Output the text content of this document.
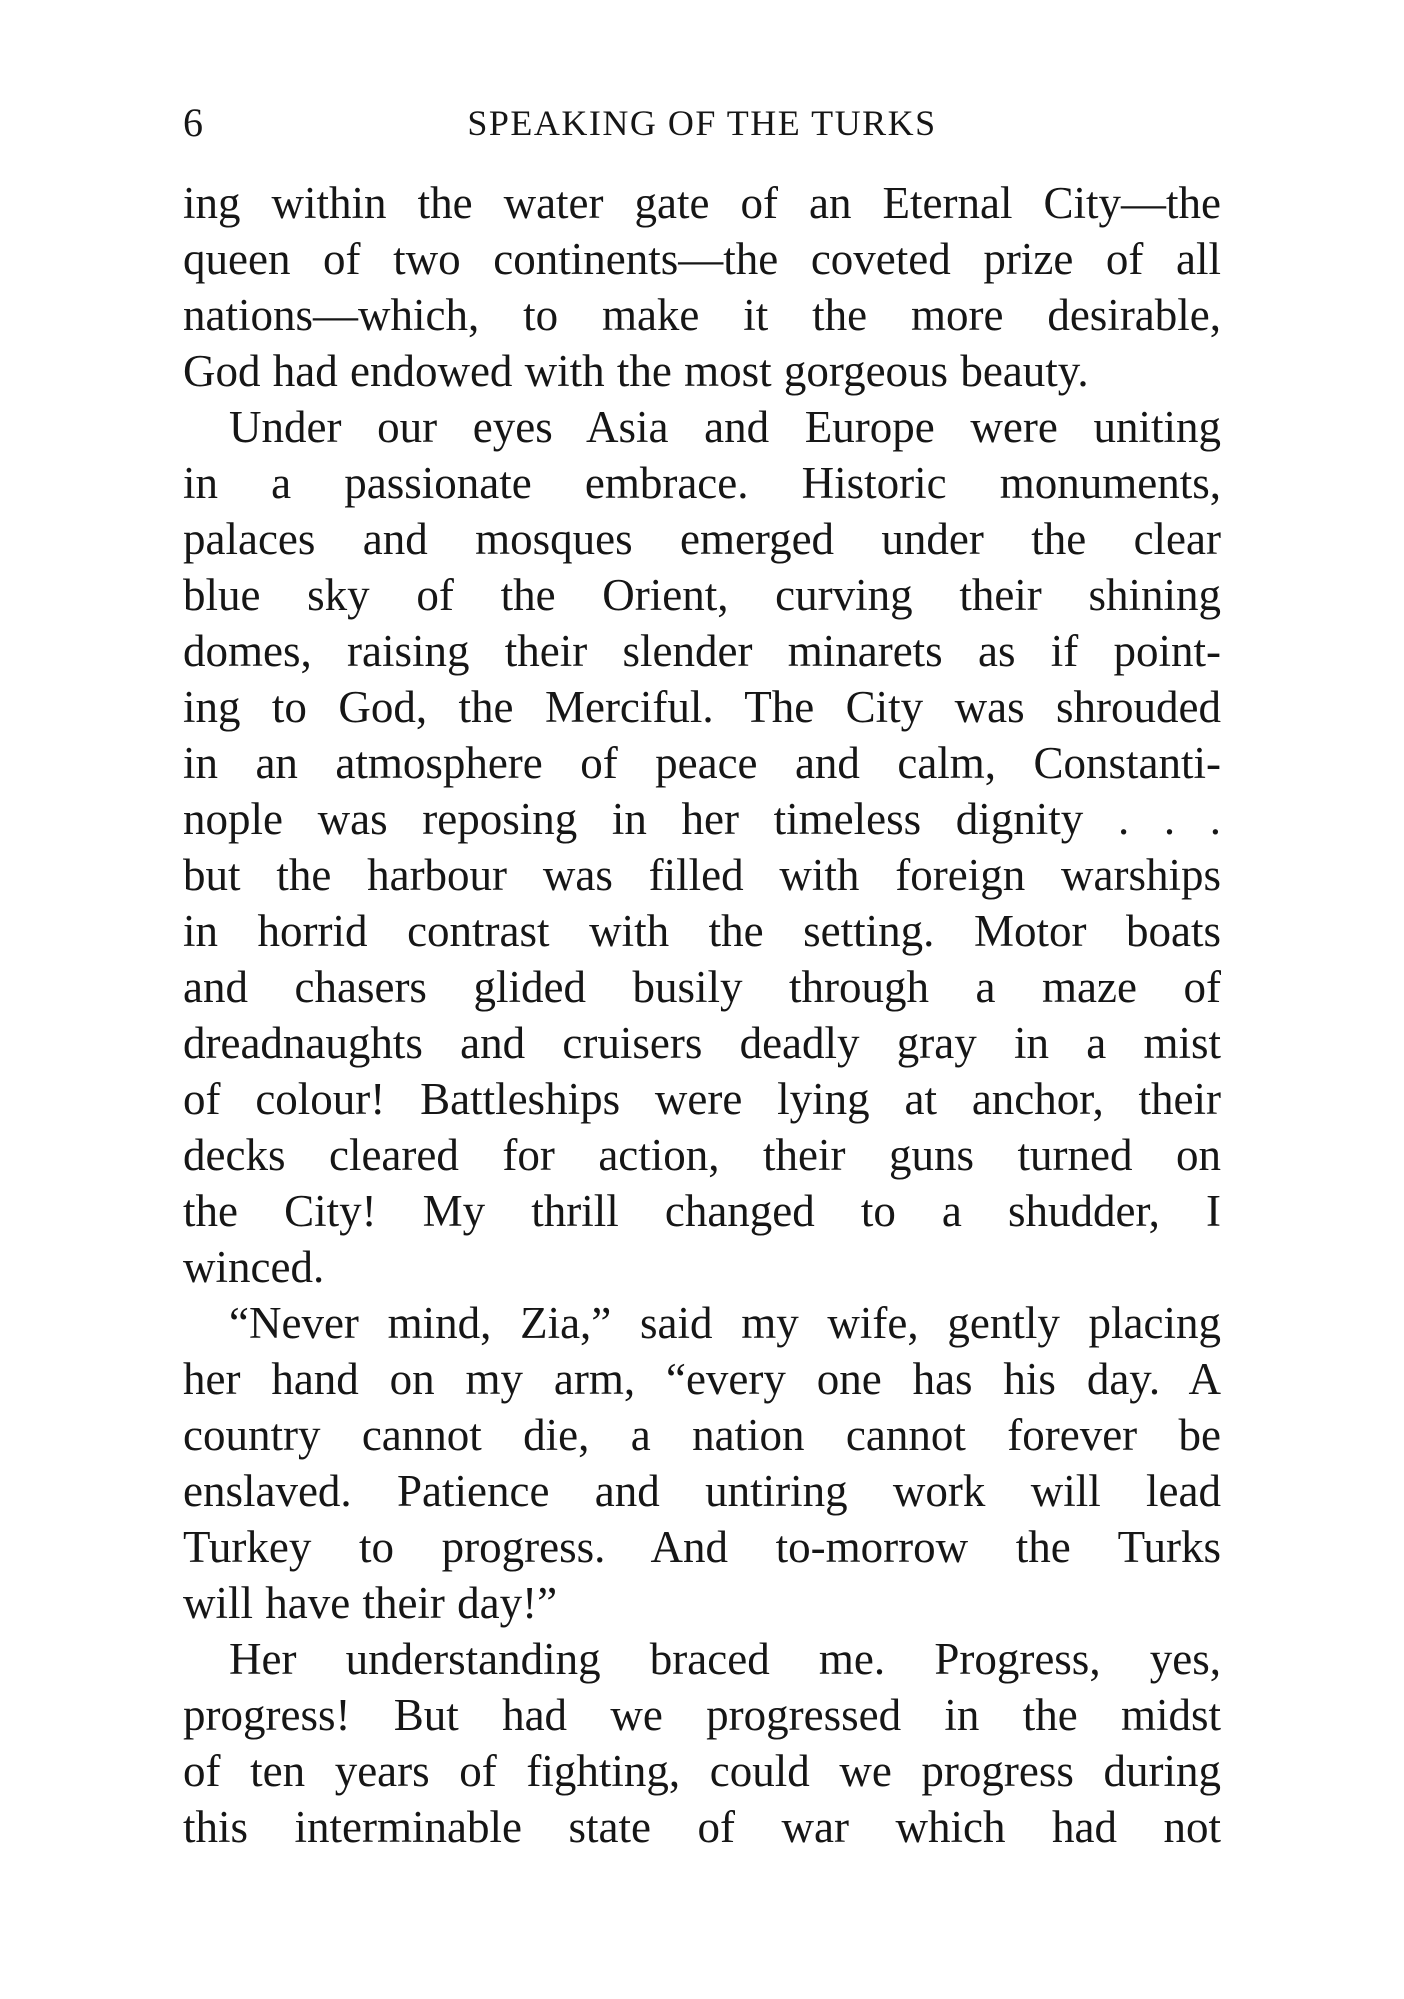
6	SPEAKING OF THE TURKS
ing within the water gate of an Eternal City—the
queen of two continents—the coveted prize of all
nations—which, to make it the more desirable,
God had endowed with the most gorgeous beauty.
Under our eyes Asia and Europe were uniting
in a passionate embrace. Historic monuments,
palaces and mosques emerged under the clear
blue sky of the Orient, curving their shining
domes, raising their slender minarets as if point-
ing to God, the Merciful. The City was shrouded
in an atmosphere of peace and calm, Constanti-
nople was reposing in her timeless dignity . . .
but the harbour was filled with foreign warships
in horrid contrast with the setting. Motor boats
and chasers glided busily through a maze of
dreadnaughts and cruisers deadly gray in a mist
of colour! Battleships were lying at anchor, their
decks cleared for action, their guns turned on
the City! My thrill changed to a shudder, I
winced.
“Never mind, Zia,” said my wife, gently placing
her hand on my arm, “every one has his day. A
country cannot die, a nation cannot forever be
enslaved. Patience and untiring work will lead
Turkey to progress. And to-morrow the Turks
will have their day!”
Her understanding braced me. Progress, yes,
progress! But had we progressed in the midst
of ten years of fighting, could we progress during
this interminable state of war which had not
